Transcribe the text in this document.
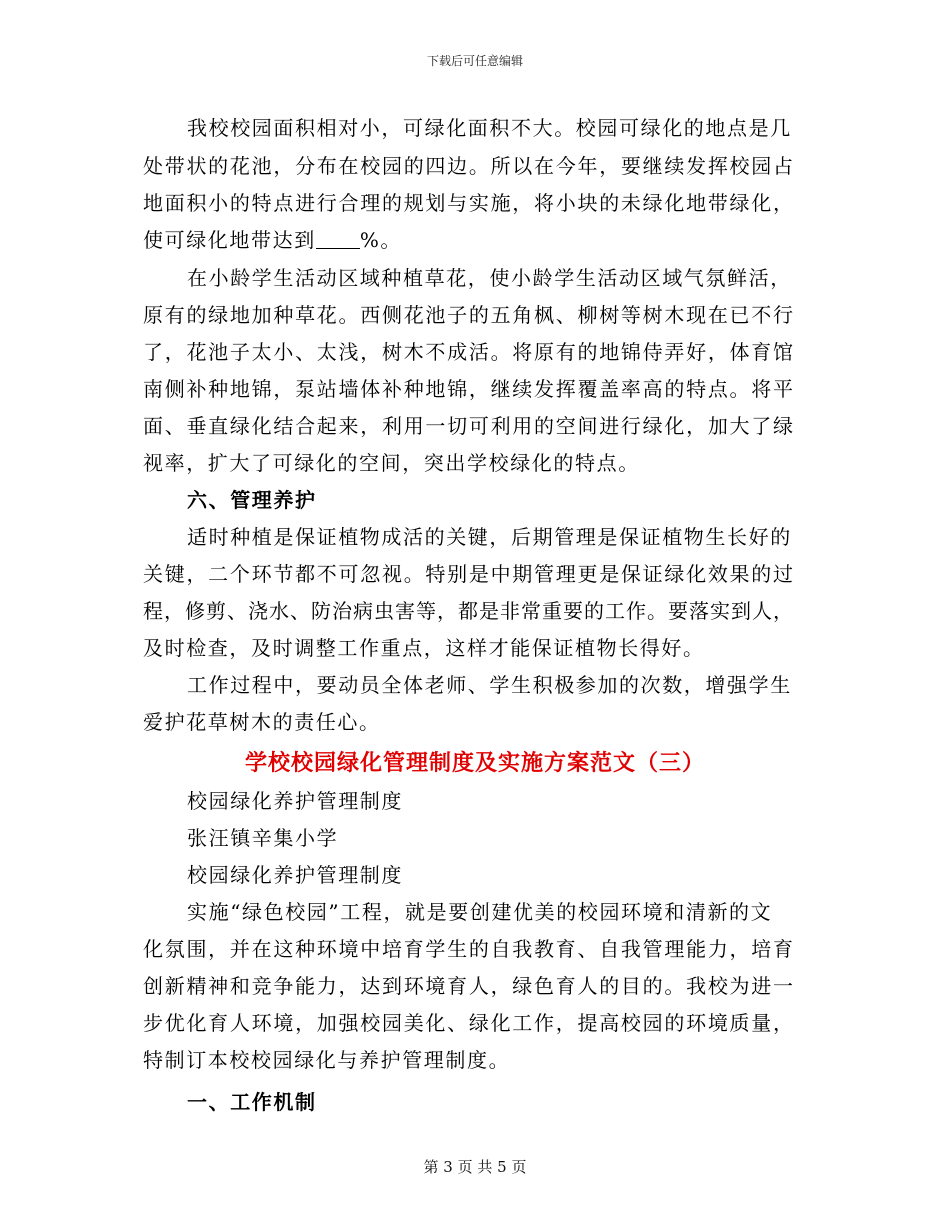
下载后可任意编辑
我校校园面积相对小，可绿化面积不大。校园可绿化的地点是几
处带状的花池，分布在校园的四边。所以在今年，要继续发挥校园占
地面积小的特点进行合理的规划与实施，将小块的未绿化地带绿化，
使可绿化地带达到 %。
在小龄学生活动区域种植草花，使小龄学生活动区域气氛鲜活，
原有的绿地加种草花。西侧花池子的五角枫、柳树等树木现在已不行
了，花池子太小、太浅，树木不成活。将原有的地锦侍弄好，体育馆
南侧补种地锦，泵站墙体补种地锦，继续发挥覆盖率高的特点。将平
面、垂直绿化结合起来，利用一切可利用的空间进行绿化，加大了绿
视率，扩大了可绿化的空间，突出学校绿化的特点。
六、管理养护
适时种植是保证植物成活的关键，后期管理是保证植物生长好的
关键，二个环节都不可忽视。特别是中期管理更是保证绿化效果的过
程，修剪、浇水、防治病虫害等，都是非常重要的工作。要落实到人，
及时检查，及时调整工作重点，这样才能保证植物长得好。
工作过程中，要动员全体老师、学生积极参加的次数，增强学生
爱护花草树木的责任心。
学校校园绿化管理制度及实施方案范文（三）
校园绿化养护管理制度
张汪镇辛集小学
校园绿化养护管理制度
实施“绿色校园”工程，就是要创建优美的校园环境和清新的文
化氛围，并在这种环境中培育学生的自我教育、自我管理能力，培育
创新精神和竞争能力，达到环境育人，绿色育人的目的。我校为进一
步优化育人环境，加强校园美化、绿化工作，提高校园的环境质量，
特制订本校校园绿化与养护管理制度。
一、工作机制
第 3 页 共 5 页
